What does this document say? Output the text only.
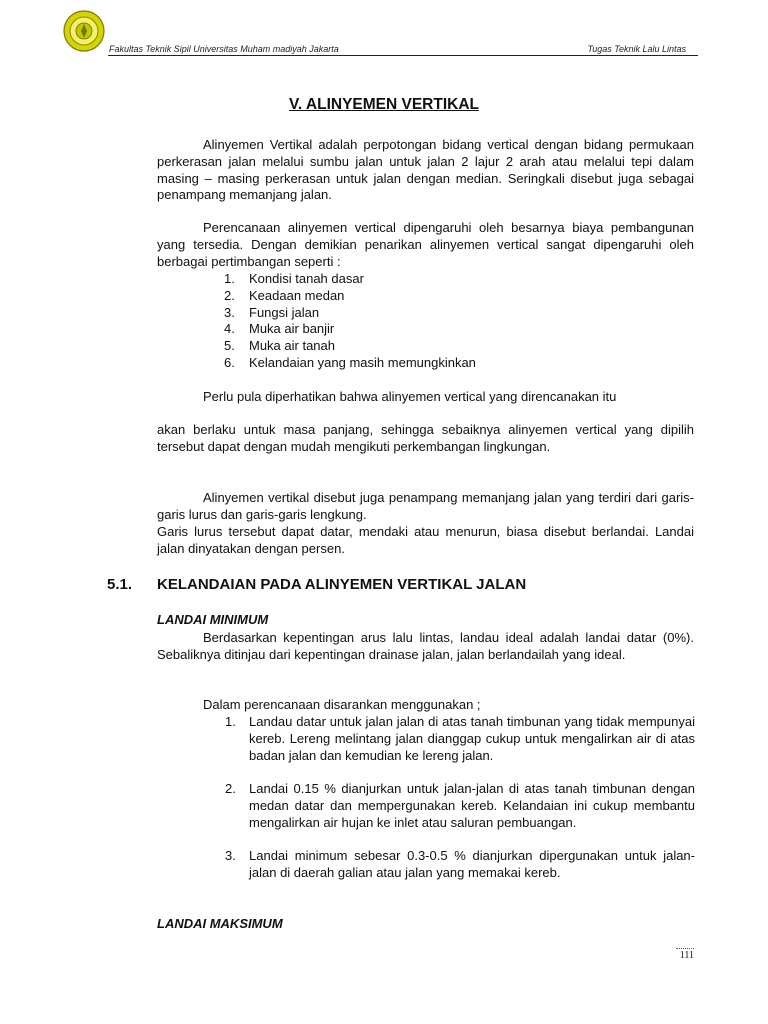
Fakultas Teknik Sipil Universitas Muham madiyah Jakarta	Tugas Teknik Lalu Lintas
V. ALINYEMEN VERTIKAL
Alinyemen Vertikal adalah perpotongan bidang vertical dengan bidang permukaan perkerasan jalan melalui sumbu jalan untuk jalan 2 lajur 2 arah atau melalui tepi dalam masing – masing perkerasan untuk jalan dengan median. Seringkali disebut juga sebagai penampang memanjang jalan.
Perencanaan alinyemen vertical dipengaruhi oleh besarnya biaya pembangunan yang tersedia. Dengan demikian penarikan alinyemen vertical sangat dipengaruhi oleh berbagai pertimbangan seperti :
1. Kondisi tanah dasar
2. Keadaan medan
3. Fungsi jalan
4. Muka air banjir
5. Muka air tanah
6. Kelandaian yang masih memungkinkan
Perlu pula diperhatikan bahwa alinyemen vertical yang direncanakan itu
akan berlaku untuk masa panjang, sehingga sebaiknya alinyemen vertical yang dipilih tersebut dapat dengan mudah mengikuti perkembangan lingkungan.
Alinyemen vertikal disebut juga penampang memanjang jalan yang terdiri dari garis-garis lurus dan garis-garis lengkung.
Garis lurus tersebut dapat datar, mendaki atau menurun, biasa disebut berlandai. Landai jalan dinyatakan dengan persen.
5.1. KELANDAIAN PADA ALINYEMEN VERTIKAL JALAN
LANDAI MINIMUM
Berdasarkan kepentingan arus lalu lintas, landau ideal adalah landai datar (0%). Sebaliknya ditinjau dari kepentingan drainase jalan, jalan berlandailah yang ideal.
Dalam perencanaan disarankan menggunakan ;
1. Landau datar untuk jalan jalan di atas tanah timbunan yang tidak mempunyai kereb. Lereng melintang jalan dianggap cukup untuk mengalirkan air di atas badan jalan dan kemudian ke lereng jalan.
2. Landai 0.15 % dianjurkan untuk jalan-jalan di atas tanah timbunan dengan medan datar dan mempergunakan kereb. Kelandaian ini cukup membantu mengalirkan air hujan ke inlet atau saluran pembuangan.
3. Landai minimum sebesar 0.3-0.5 % dianjurkan dipergunakan untuk jalan-jalan di daerah galian atau jalan yang memakai kereb.
LANDAI MAKSIMUM
111
